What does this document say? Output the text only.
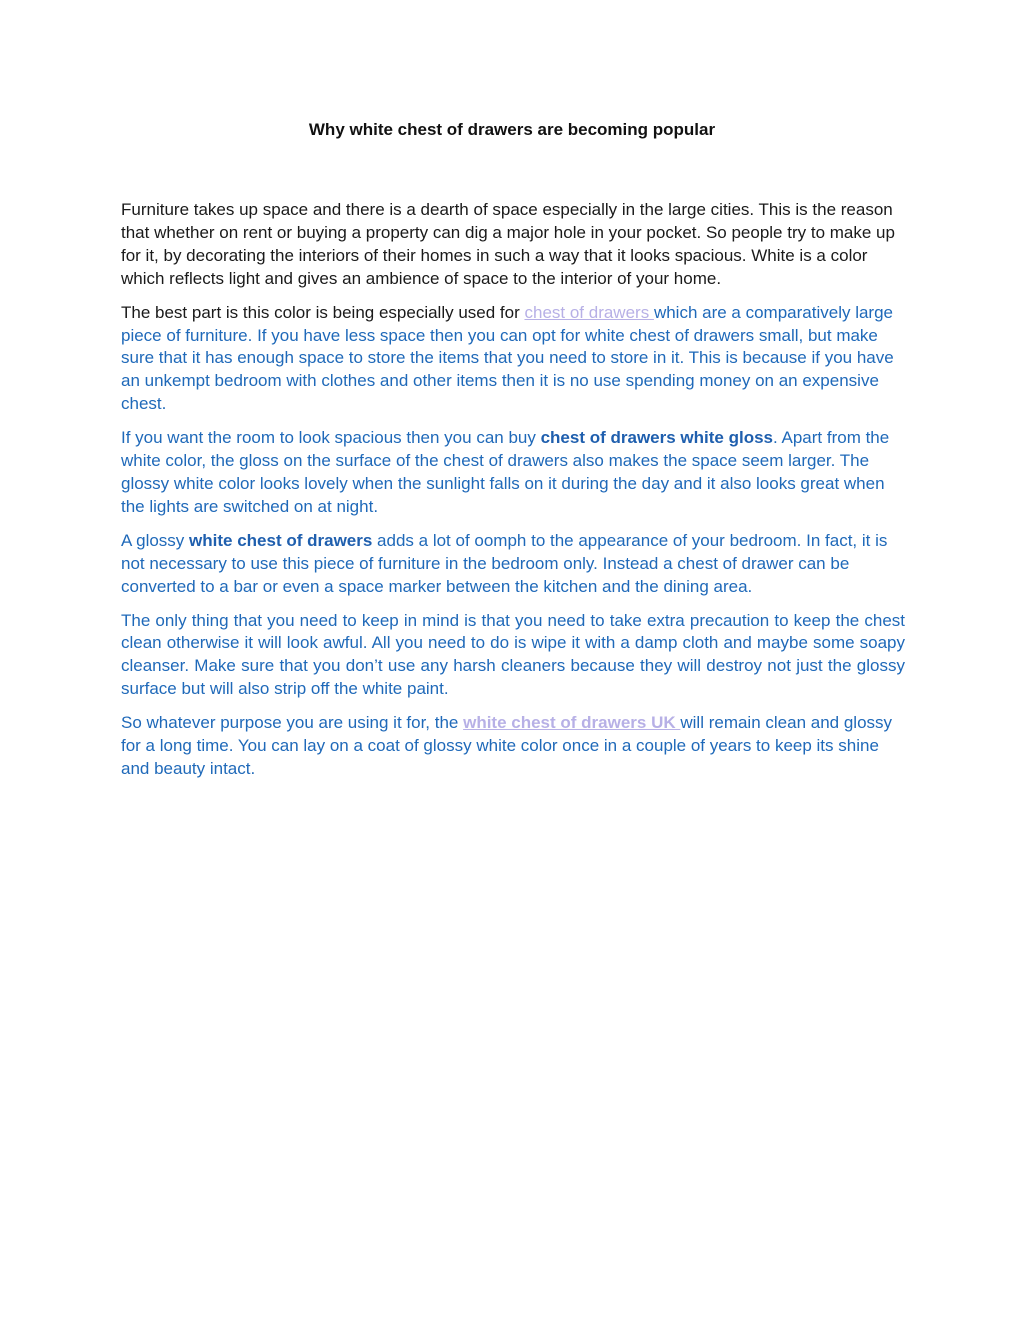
Why white chest of drawers are becoming popular

Furniture takes up space and there is a dearth of space especially in the large cities. This is the reason that whether on rent or buying a property can dig a major hole in your pocket. So people try to make up for it, by decorating the interiors of their homes in such a way that it looks spacious. White is a color which reflects light and gives an ambience of space to the interior of your home.

The best part is this color is being especially used for chest of drawers which are a comparatively large piece of furniture. If you have less space then you can opt for white chest of drawers small, but make sure that it has enough space to store the items that you need to store in it. This is because if you have an unkempt bedroom with clothes and other items then it is no use spending money on an expensive chest.

If you want the room to look spacious then you can buy chest of drawers white gloss. Apart from the white color, the gloss on the surface of the chest of drawers also makes the space seem larger. The glossy white color looks lovely when the sunlight falls on it during the day and it also looks great when the lights are switched on at night.

A glossy white chest of drawers adds a lot of oomph to the appearance of your bedroom. In fact, it is not necessary to use this piece of furniture in the bedroom only. Instead a chest of drawer can be converted to a bar or even a space marker between the kitchen and the dining area.

The only thing that you need to keep in mind is that you need to take extra precaution to keep the chest clean otherwise it will look awful. All you need to do is wipe it with a damp cloth and maybe some soapy cleanser. Make sure that you don’t use any harsh cleaners because they will destroy not just the glossy surface but will also strip off the white paint.

So whatever purpose you are using it for, the white chest of drawers UK will remain clean and glossy for a long time. You can lay on a coat of glossy white color once in a couple of years to keep its shine and beauty intact.
